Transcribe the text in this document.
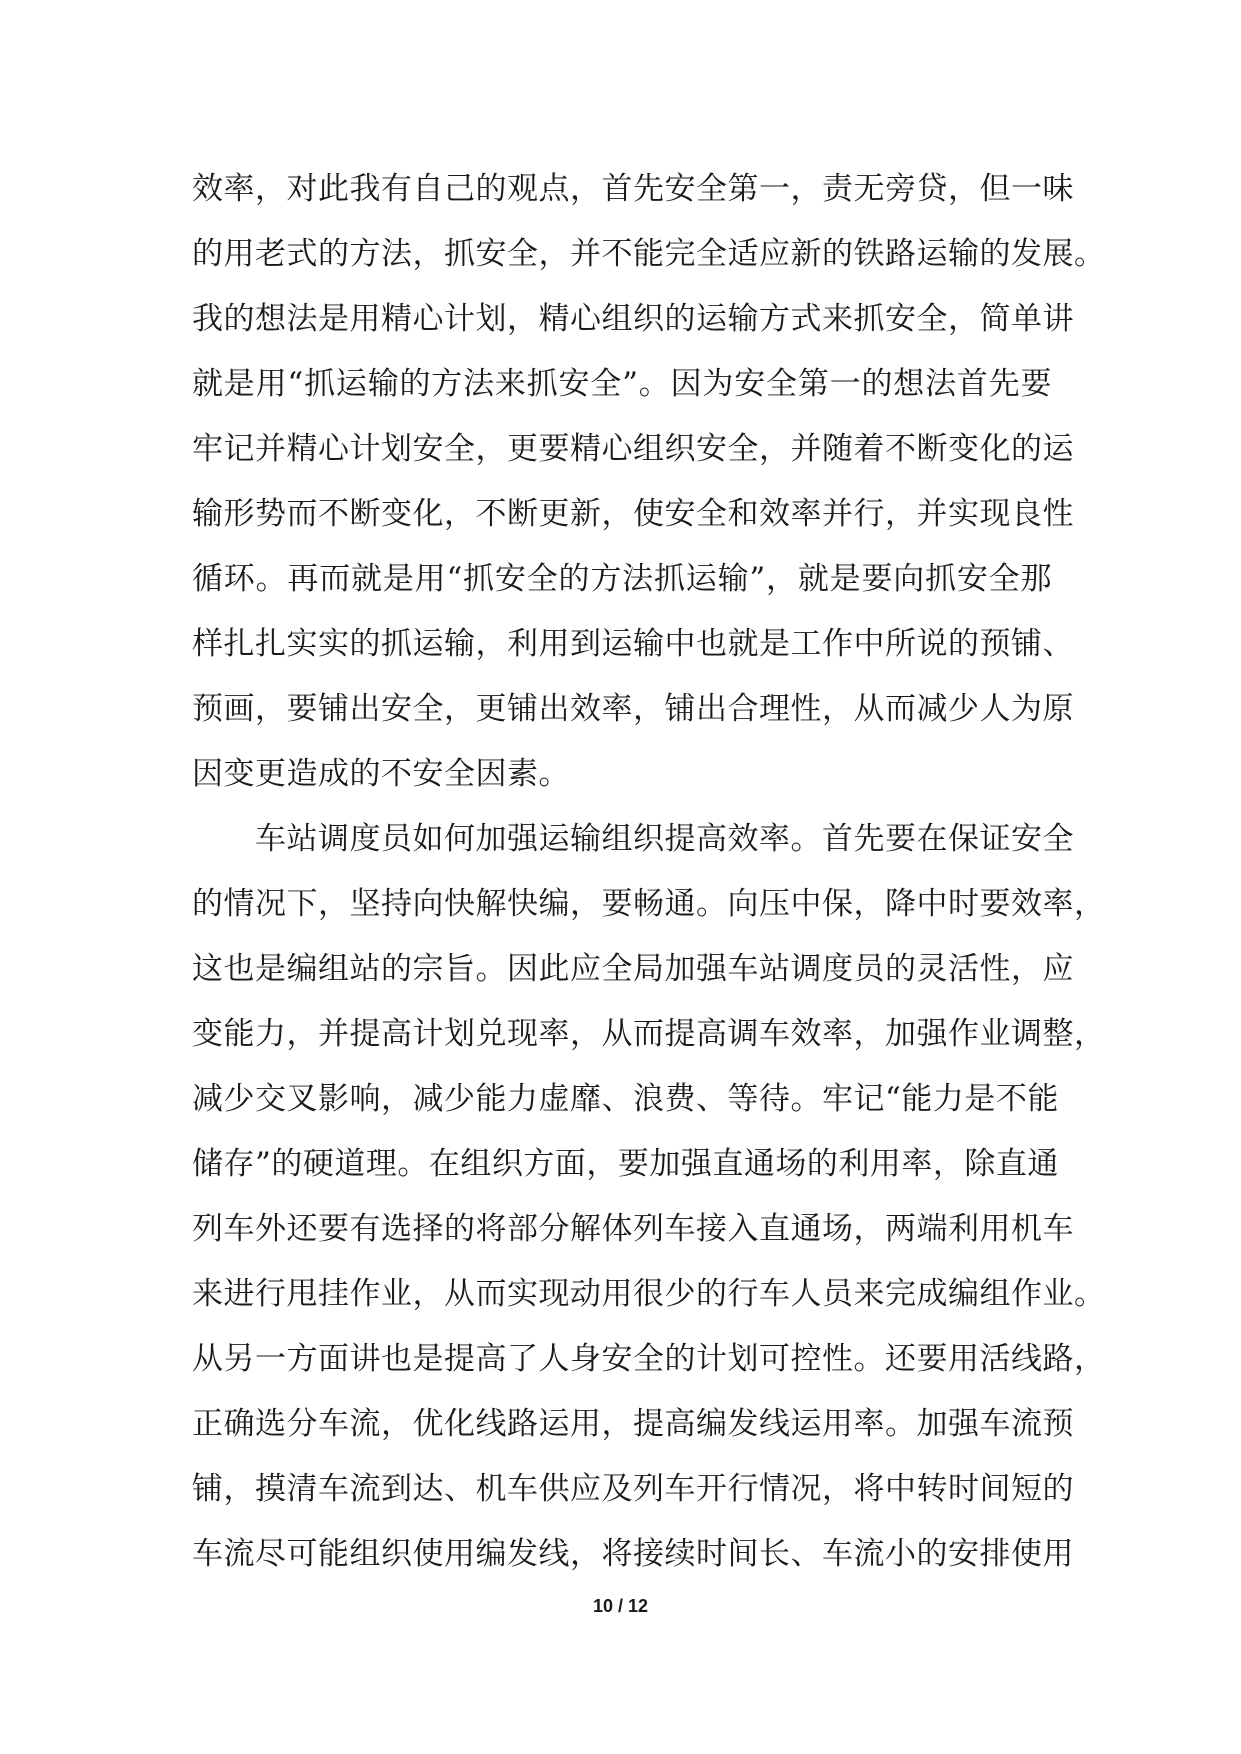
效率，对此我有自己的观点，首先安全第一，责无旁贷，但一味
的用老式的方法，抓安全，并不能完全适应新的铁路运输的发展。
我的想法是用精心计划，精心组织的运输方式来抓安全，简单讲
就是用“抓运输的方法来抓安全”。因为安全第一的想法首先要
牢记并精心计划安全，更要精心组织安全，并随着不断变化的运
输形势而不断变化，不断更新，使安全和效率并行，并实现良性
循环。再而就是用“抓安全的方法抓运输”，就是要向抓安全那
样扎扎实实的抓运输，利用到运输中也就是工作中所说的预铺、
预画，要铺出安全，更铺出效率，铺出合理性，从而减少人为原
因变更造成的不安全因素。
车站调度员如何加强运输组织提高效率。首先要在保证安全
的情况下，坚持向快解快编，要畅通。向压中保，降中时要效率，
这也是编组站的宗旨。因此应全局加强车站调度员的灵活性，应
变能力，并提高计划兑现率，从而提高调车效率，加强作业调整，
减少交叉影响，减少能力虚靡、浪费、等待。牢记“能力是不能
储存”的硬道理。在组织方面，要加强直通场的利用率，除直通
列车外还要有选择的将部分解体列车接入直通场，两端利用机车
来进行甩挂作业，从而实现动用很少的行车人员来完成编组作业。
从另一方面讲也是提高了人身安全的计划可控性。还要用活线路，
正确选分车流，优化线路运用，提高编发线运用率。加强车流预
铺，摸清车流到达、机车供应及列车开行情况，将中转时间短的
车流尽可能组织使用编发线，将接续时间长、车流小的安排使用
10 / 12
